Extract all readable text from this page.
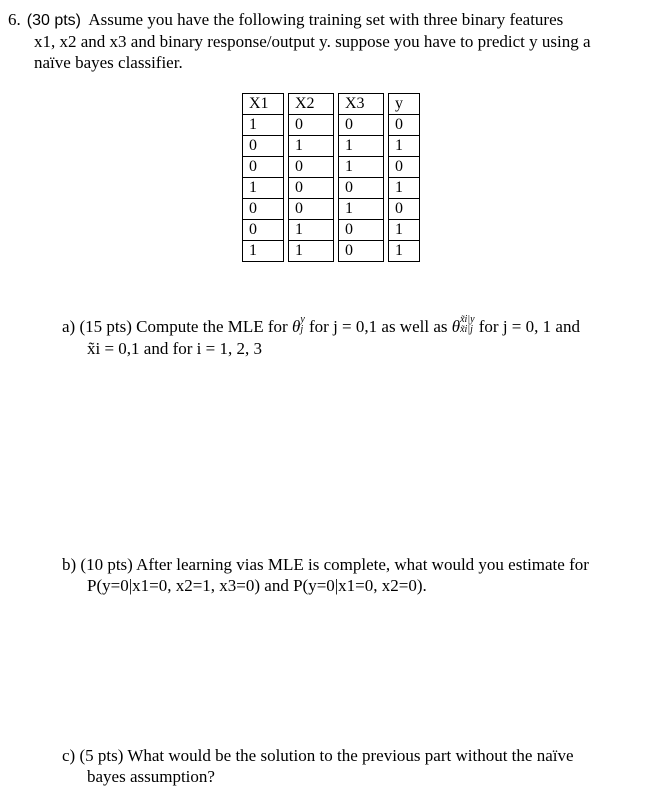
6. (30 pts) Assume you have the following training set with three binary features
x1, x2 and x3 and binary response/output y. suppose you have to predict y using a
naïve bayes classifier.
X1		X2		X3		y
1		0		0		0
0		1		1		1
0		0		1		0
1		0		0		1
0		0		1		0
0		1		0		1
1		1		0		1
a) (15 pts) Compute the MLE for θ y
j for j = 0,1 as well as θ x̃i|y
x̃i|j for j = 0, 1 and
x̃i = 0,1 and for i = 1, 2, 3
b) (10 pts) After learning vias MLE is complete, what would you estimate for
P(y=0|x1=0, x2=1, x3=0) and P(y=0|x1=0, x2=0).
c) (5 pts) What would be the solution to the previous part without the naïve
bayes assumption?
